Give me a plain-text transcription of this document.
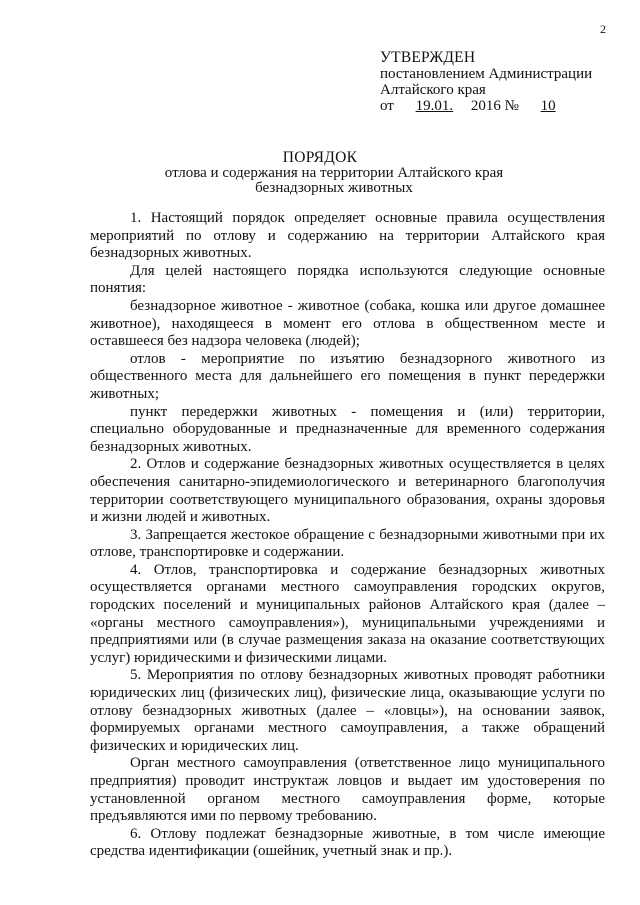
2
УТВЕРЖДЕН
постановлением Администрации
Алтайского края
от 19.01. 2016 № 10
ПОРЯДОК
отлова и содержания на территории Алтайского края
безнадзорных животных

1. Настоящий порядок определяет основные правила осуществления мероприятий по отлову и содержанию на территории Алтайского края безнадзорных животных.

Для целей настоящего порядка используются следующие основные понятия:

безнадзорное животное - животное (собака, кошка или другое домашнее животное), находящееся в момент его отлова в общественном месте и оставшееся без надзора человека (людей);

отлов - мероприятие по изъятию безнадзорного животного из общественного места для дальнейшего его помещения в пункт передержки животных;

пункт передержки животных - помещения и (или) территории, специально оборудованные и предназначенные для временного содержания безнадзорных животных.

2. Отлов и содержание безнадзорных животных осуществляется в целях обеспечения санитарно-эпидемиологического и ветеринарного благополучия территории соответствующего муниципального образования, охраны здоровья и жизни людей и животных.

3. Запрещается жестокое обращение с безнадзорными животными при их отлове, транспортировке и содержании.

4. Отлов, транспортировка и содержание безнадзорных животных осуществляется органами местного самоуправления городских округов, городских поселений и муниципальных районов Алтайского края (далее – «органы местного самоуправления»), муниципальными учреждениями и предприятиями или (в случае размещения заказа на оказание соответствующих услуг) юридическими и физическими лицами.

5. Мероприятия по отлову безнадзорных животных проводят работники юридических лиц (физических лиц), физические лица, оказывающие услуги по отлову безнадзорных животных (далее – «ловцы»), на основании заявок, формируемых органами местного самоуправления, а также обращений физических и юридических лиц.

Орган местного самоуправления (ответственное лицо муниципального предприятия) проводит инструктаж ловцов и выдает им удостоверения по установленной органом местного самоуправления форме, которые предъявляются ими по первому требованию.

6. Отлову подлежат безнадзорные животные, в том числе имеющие средства идентификации (ошейник, учетный знак и пр.).
